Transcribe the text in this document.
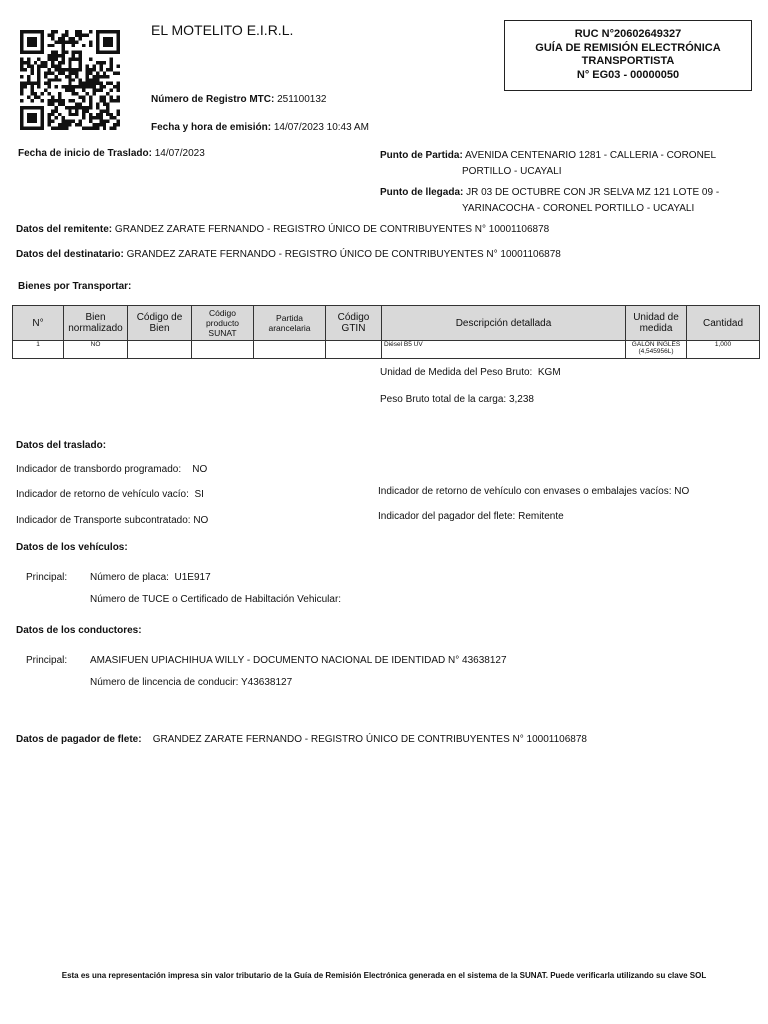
EL MOTELITO E.I.R.L.	RUC N°20602649327
GUÍA DE REMISIÓN ELECTRÓNICA
TRANSPORTISTA
N° EG03 - 00000050
Número de Registro MTC: 251100132
Fecha y hora de emisión: 14/07/2023 10:43 AM
Fecha de inicio de Traslado: 14/07/2023	Punto de Partida: AVENIDA CENTENARIO 1281 - CALLERIA - CORONEL
PORTILLO - UCAYALI
Punto de llegada: JR 03 DE OCTUBRE CON JR SELVA MZ 121 LOTE 09 -
YARINACOCHA - CORONEL PORTILLO - UCAYALI
Datos del remitente: GRANDEZ ZARATE FERNANDO - REGISTRO ÚNICO DE CONTRIBUYENTES N° 10001106878
Datos del destinatario: GRANDEZ ZARATE FERNANDO - REGISTRO ÚNICO DE CONTRIBUYENTES N° 10001106878
Bienes por Transportar:
N°	Bien normalizado	Código de Bien	Código producto SUNAT	Partida arancelaria	Código GTIN	Descripción detallada	Unidad de medida	Cantidad
1	NO					Diésel B5 UV	GALON INGLES (4,545956L)	1,000
Unidad de Medida del Peso Bruto: KGM
Peso Bruto total de la carga: 3,238
Datos del traslado:
Indicador de transbordo programado:    NO
Indicador de retorno de vehículo vacío:  SI
Indicador de Transporte subcontratado: NO
Indicador de retorno de vehículo con envases o embalajes vacíos: NO
Indicador del pagador del flete: Remitente
Datos de los vehículos:
Principal: Número de placa: U1E917
Número de TUCE o Certificado de Habiltación Vehicular:
Datos de los conductores:
Principal: AMASIFUEN UPIACHIHUA WILLY - DOCUMENTO NACIONAL DE IDENTIDAD N° 43638127
Número de lincencia de conducir: Y43638127
Datos de pagador de flete: GRANDEZ ZARATE FERNANDO - REGISTRO ÚNICO DE CONTRIBUYENTES N° 10001106878
Esta es una representación impresa sin valor tributario de la Guía de Remisión Electrónica generada en el sistema de la SUNAT. Puede verificarla utilizando su clave SOL
